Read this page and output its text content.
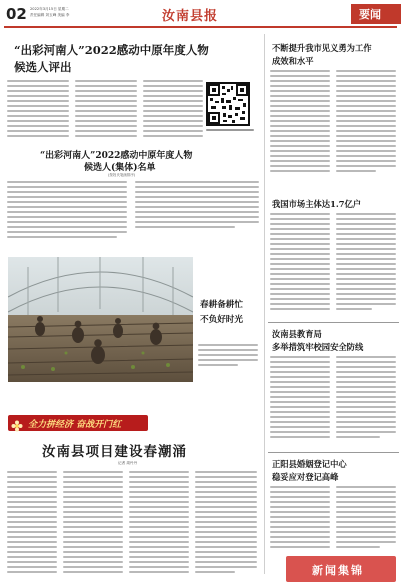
02 2022年3月15日 星期二
责任编辑 刘玉峰 美编 李	汝南县报	要闻
“出彩河南人”2022感动中原年度人物
候选人评出
不断提升我市见义勇为工作
成效和水平
“出彩河南人”2022感动中原年度人物
候选人(集体)名单
(按姓氏笔画排序)
我国市场主体达1.7亿户
春耕备耕忙
不负好时光
汝南县教育局
多举措筑牢校园安全防线
全力拼经济 奋战开门红
汝南县项目建设春潮涌
记者 周丹丹	正阳县婚姻登记中心
稳妥应对登记高峰
新闻集锦
